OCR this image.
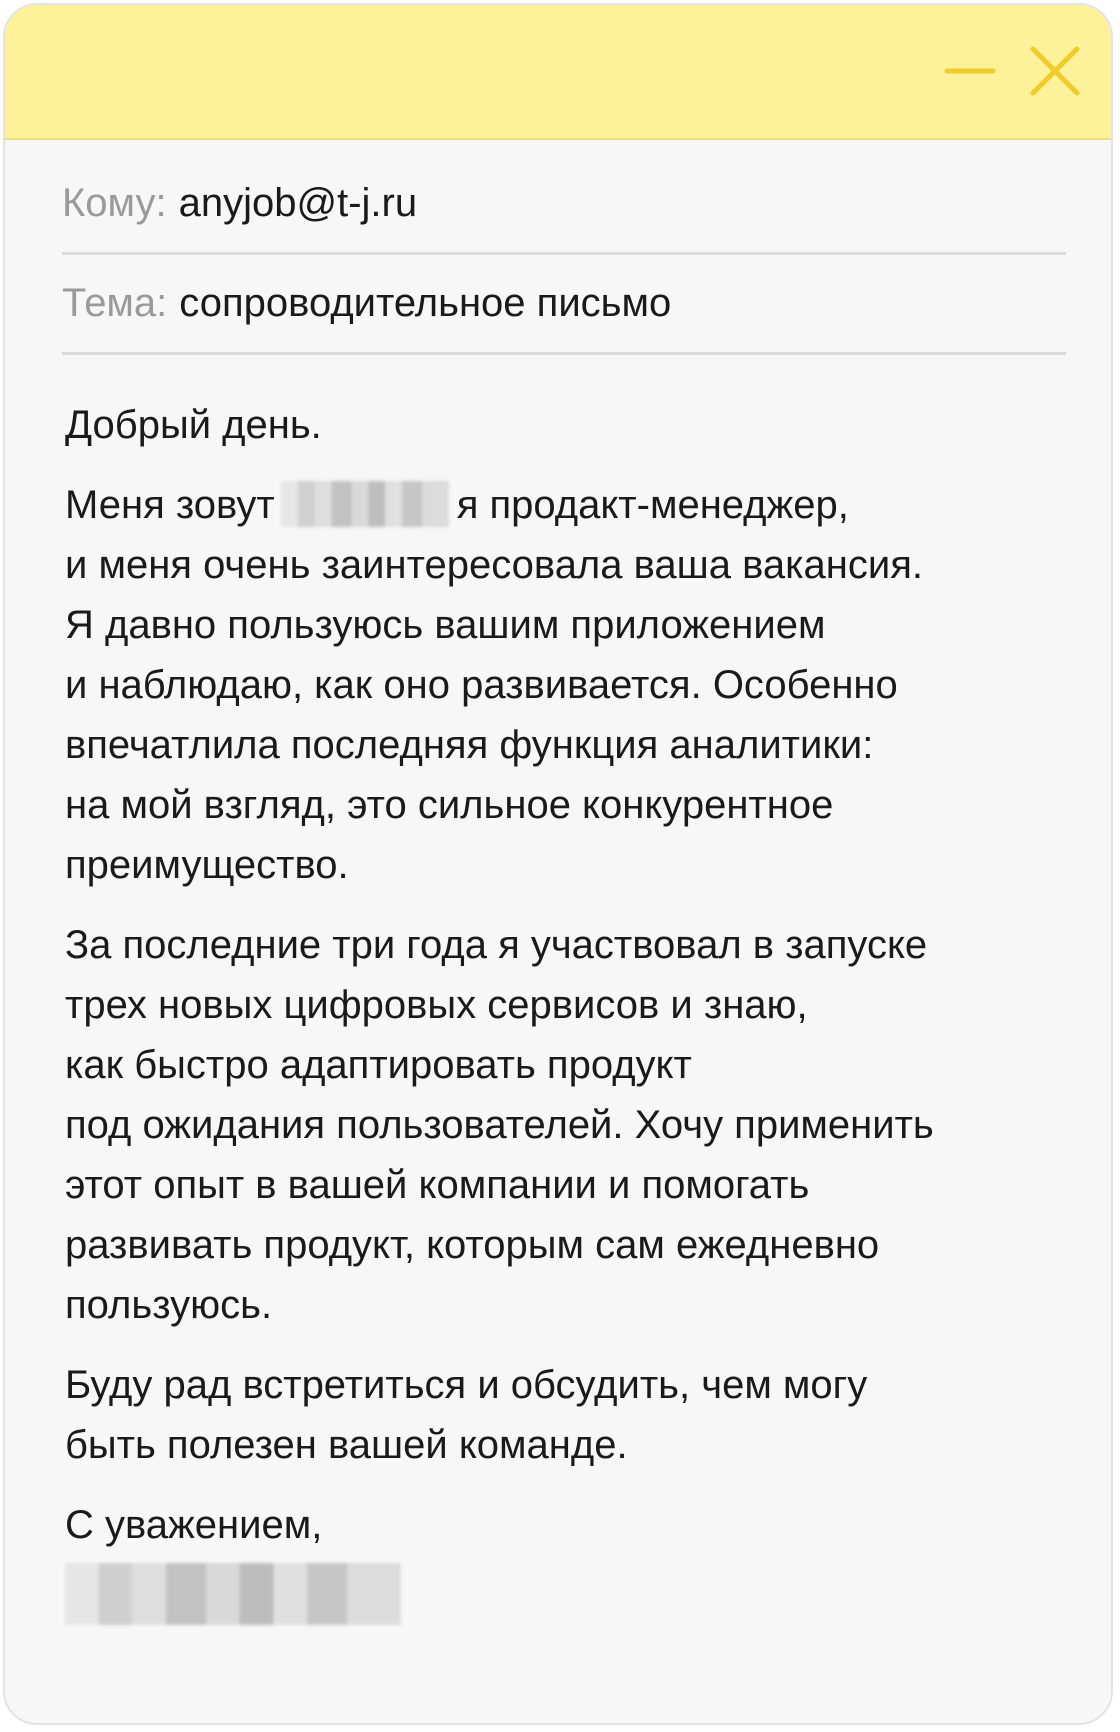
Кому: anyjob@t-j.ru
Тема: сопроводительное письмо
Добрый день.
Меня зовут	я продакт-менеджер,
и меня очень заинтересовала ваша вакансия.
Я давно пользуюсь вашим приложением
и наблюдаю, как оно развивается. Особенно
впечатлила последняя функция аналитики:
на мой взгляд, это сильное конкурентное
преимущество.
За последние три года я участвовал в запуске
трех новых цифровых сервисов и знаю,
как быстро адаптировать продукт
под ожидания пользователей. Хочу применить
этот опыт в вашей компании и помогать
развивать продукт, которым сам ежедневно
пользуюсь.
Буду рад встретиться и обсудить, чем могу
быть полезен вашей команде.
С уважением,
